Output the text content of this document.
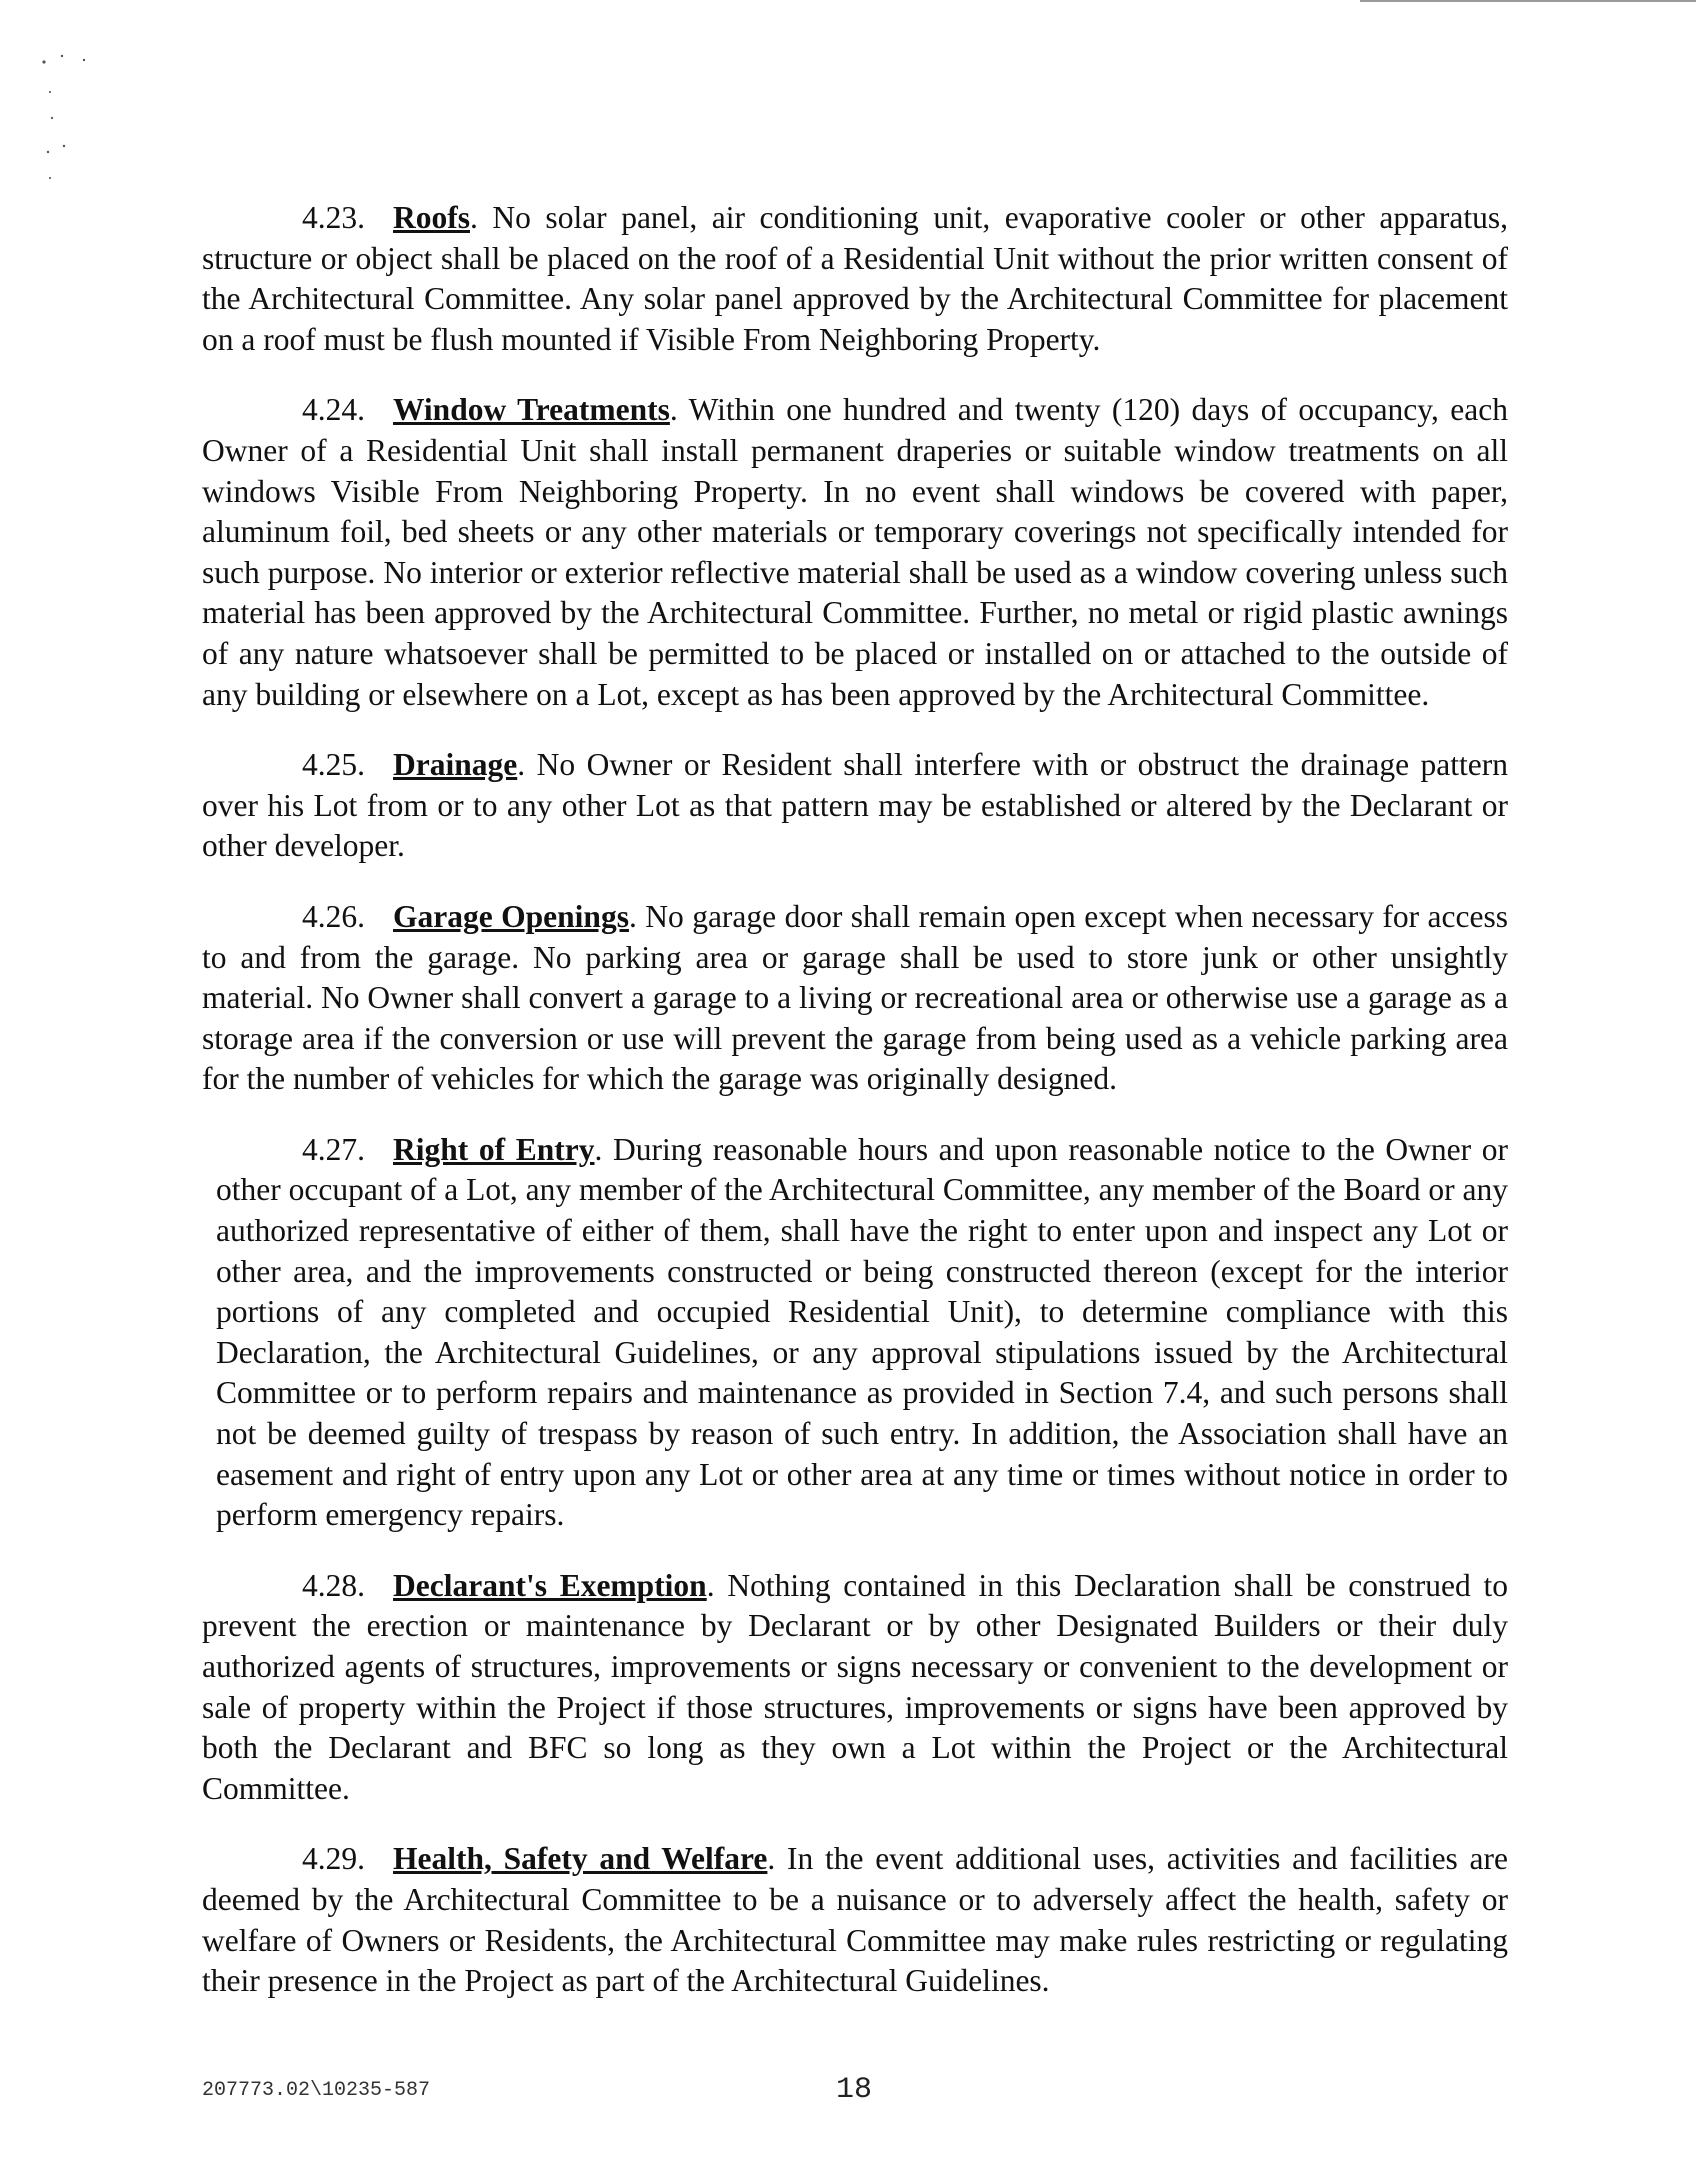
4.23. Roofs. No solar panel, air conditioning unit, evaporative cooler or other apparatus, structure or object shall be placed on the roof of a Residential Unit without the prior written consent of the Architectural Committee. Any solar panel approved by the Architectural Committee for placement on a roof must be flush mounted if Visible From Neighboring Property.

4.24. Window Treatments. Within one hundred and twenty (120) days of occupancy, each Owner of a Residential Unit shall install permanent draperies or suitable window treatments on all windows Visible From Neighboring Property. In no event shall windows be covered with paper, aluminum foil, bed sheets or any other materials or temporary coverings not specifically intended for such purpose. No interior or exterior reflective material shall be used as a window covering unless such material has been approved by the Architectural Committee. Further, no metal or rigid plastic awnings of any nature whatsoever shall be permitted to be placed or installed on or attached to the outside of any building or elsewhere on a Lot, except as has been approved by the Architectural Committee.

4.25. Drainage. No Owner or Resident shall interfere with or obstruct the drainage pattern over his Lot from or to any other Lot as that pattern may be established or altered by the Declarant or other developer.

4.26. Garage Openings. No garage door shall remain open except when necessary for access to and from the garage. No parking area or garage shall be used to store junk or other unsightly material. No Owner shall convert a garage to a living or recreational area or otherwise use a garage as a storage area if the conversion or use will prevent the garage from being used as a vehicle parking area for the number of vehicles for which the garage was originally designed.

4.27. Right of Entry. During reasonable hours and upon reasonable notice to the Owner or other occupant of a Lot, any member of the Architectural Committee, any member of the Board or any authorized representative of either of them, shall have the right to enter upon and inspect any Lot or other area, and the improvements constructed or being constructed thereon (except for the interior portions of any completed and occupied Residential Unit), to determine compliance with this Declaration, the Architectural Guidelines, or any approval stipulations issued by the Architectural Committee or to perform repairs and maintenance as provided in Section 7.4, and such persons shall not be deemed guilty of trespass by reason of such entry. In addition, the Association shall have an easement and right of entry upon any Lot or other area at any time or times without notice in order to perform emergency repairs.

4.28. Declarant's Exemption. Nothing contained in this Declaration shall be construed to prevent the erection or maintenance by Declarant or by other Designated Builders or their duly authorized agents of structures, improvements or signs necessary or convenient to the development or sale of property within the Project if those structures, improvements or signs have been approved by both the Declarant and BFC so long as they own a Lot within the Project or the Architectural Committee.

4.29. Health, Safety and Welfare. In the event additional uses, activities and facilities are deemed by the Architectural Committee to be a nuisance or to adversely affect the health, safety or welfare of Owners or Residents, the Architectural Committee may make rules restricting or regulating their presence in the Project as part of the Architectural Guidelines.

207773.02\10235-587	18
